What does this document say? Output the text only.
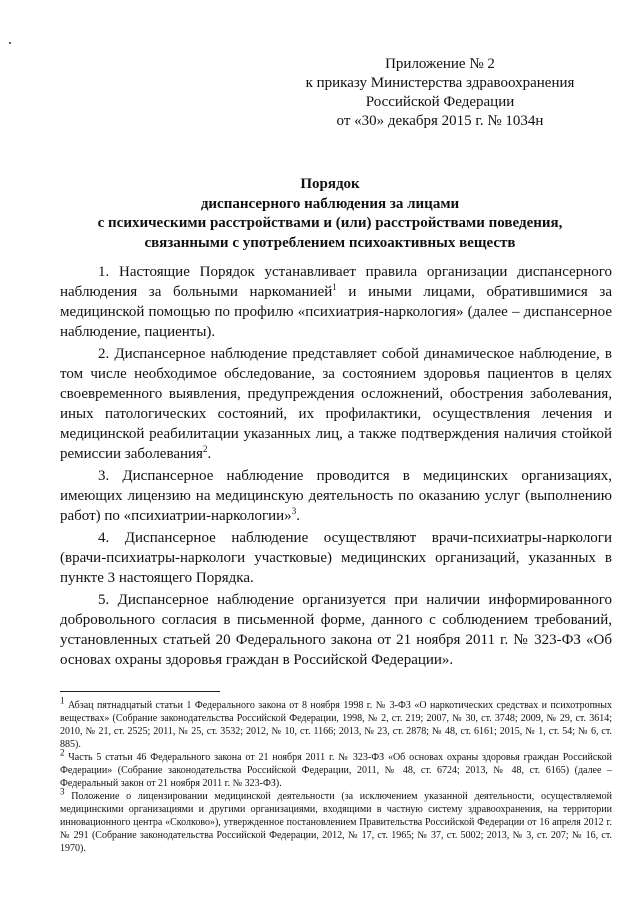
Приложение № 2
к приказу Министерства здравоохранения
Российской Федерации
от «30» декабря 2015 г. № 1034н
Порядок
диспансерного наблюдения за лицами
с психическими расстройствами и (или) расстройствами поведения,
связанными с употреблением психоактивных веществ

1. Настоящие Порядок устанавливает правила организации диспансерного наблюдения за больными наркоманией$^1$ и иными лицами, обратившимися за медицинской помощью по профилю «психиатрия-наркология» (далее – диспансерное наблюдение, пациенты).

2. Диспансерное наблюдение представляет собой динамическое наблюдение, в том числе необходимое обследование, за состоянием здоровья пациентов в целях своевременного выявления, предупреждения осложнений, обострения заболевания, иных патологических состояний, их профилактики, осуществления лечения и медицинской реабилитации указанных лиц, а также подтверждения наличия стойкой ремиссии заболевания$^2$.

3. Диспансерное наблюдение проводится в медицинских организациях, имеющих лицензию на медицинскую деятельность по оказанию услуг (выполнению работ) по «психиатрии-наркологии»$^3$.

4. Диспансерное наблюдение осуществляют врачи-психиатры-наркологи (врачи-психиатры-наркологи участковые) медицинских организаций, указанных в пункте 3 настоящего Порядка.

5. Диспансерное наблюдение организуется при наличии информированного добровольного согласия в письменной форме, данного с соблюдением требований, установленных статьей 20 Федерального закона от 21 ноября 2011 г. № 323-ФЗ «Об основах охраны здоровья граждан в Российской Федерации».

$^1$ Абзац пятнадцатый статьи 1 Федерального закона от 8 ноября 1998 г. № 3-ФЗ «О наркотических средствах и психотропных веществах» (Собрание законодательства Российской Федерации, 1998, № 2, ст. 219; 2007, № 30, ст. 3748; 2009, № 29, ст. 3614; 2010, № 21, ст. 2525; 2011, № 25, ст. 3532; 2012, № 10, ст. 1166; 2013, № 23, ст. 2878; № 48, ст. 6161; 2015, № 1, ст. 54; № 6, ст. 885).

$^2$ Часть 5 статьи 46 Федерального закона от 21 ноября 2011 г. № 323-ФЗ «Об основах охраны здоровья граждан Российской Федерации» (Собрание законодательства Российской Федерации, 2011, № 48, ст. 6724; 2013, № 48, ст. 6165) (далее – Федеральный закон от 21 ноября 2011 г. № 323-ФЗ).

$^3$ Положение о лицензировании медицинской деятельности (за исключением указанной деятельности, осуществляемой медицинскими организациями и другими организациями, входящими в частную систему здравоохранения, на территории инновационного центра «Сколково»), утвержденное постановлением Правительства Российской Федерации от 16 апреля 2012 г. № 291 (Собрание законодательства Российской Федерации, 2012, № 17, ст. 1965; № 37, ст. 5002; 2013, № 3, ст. 207; № 16, ст. 1970).
